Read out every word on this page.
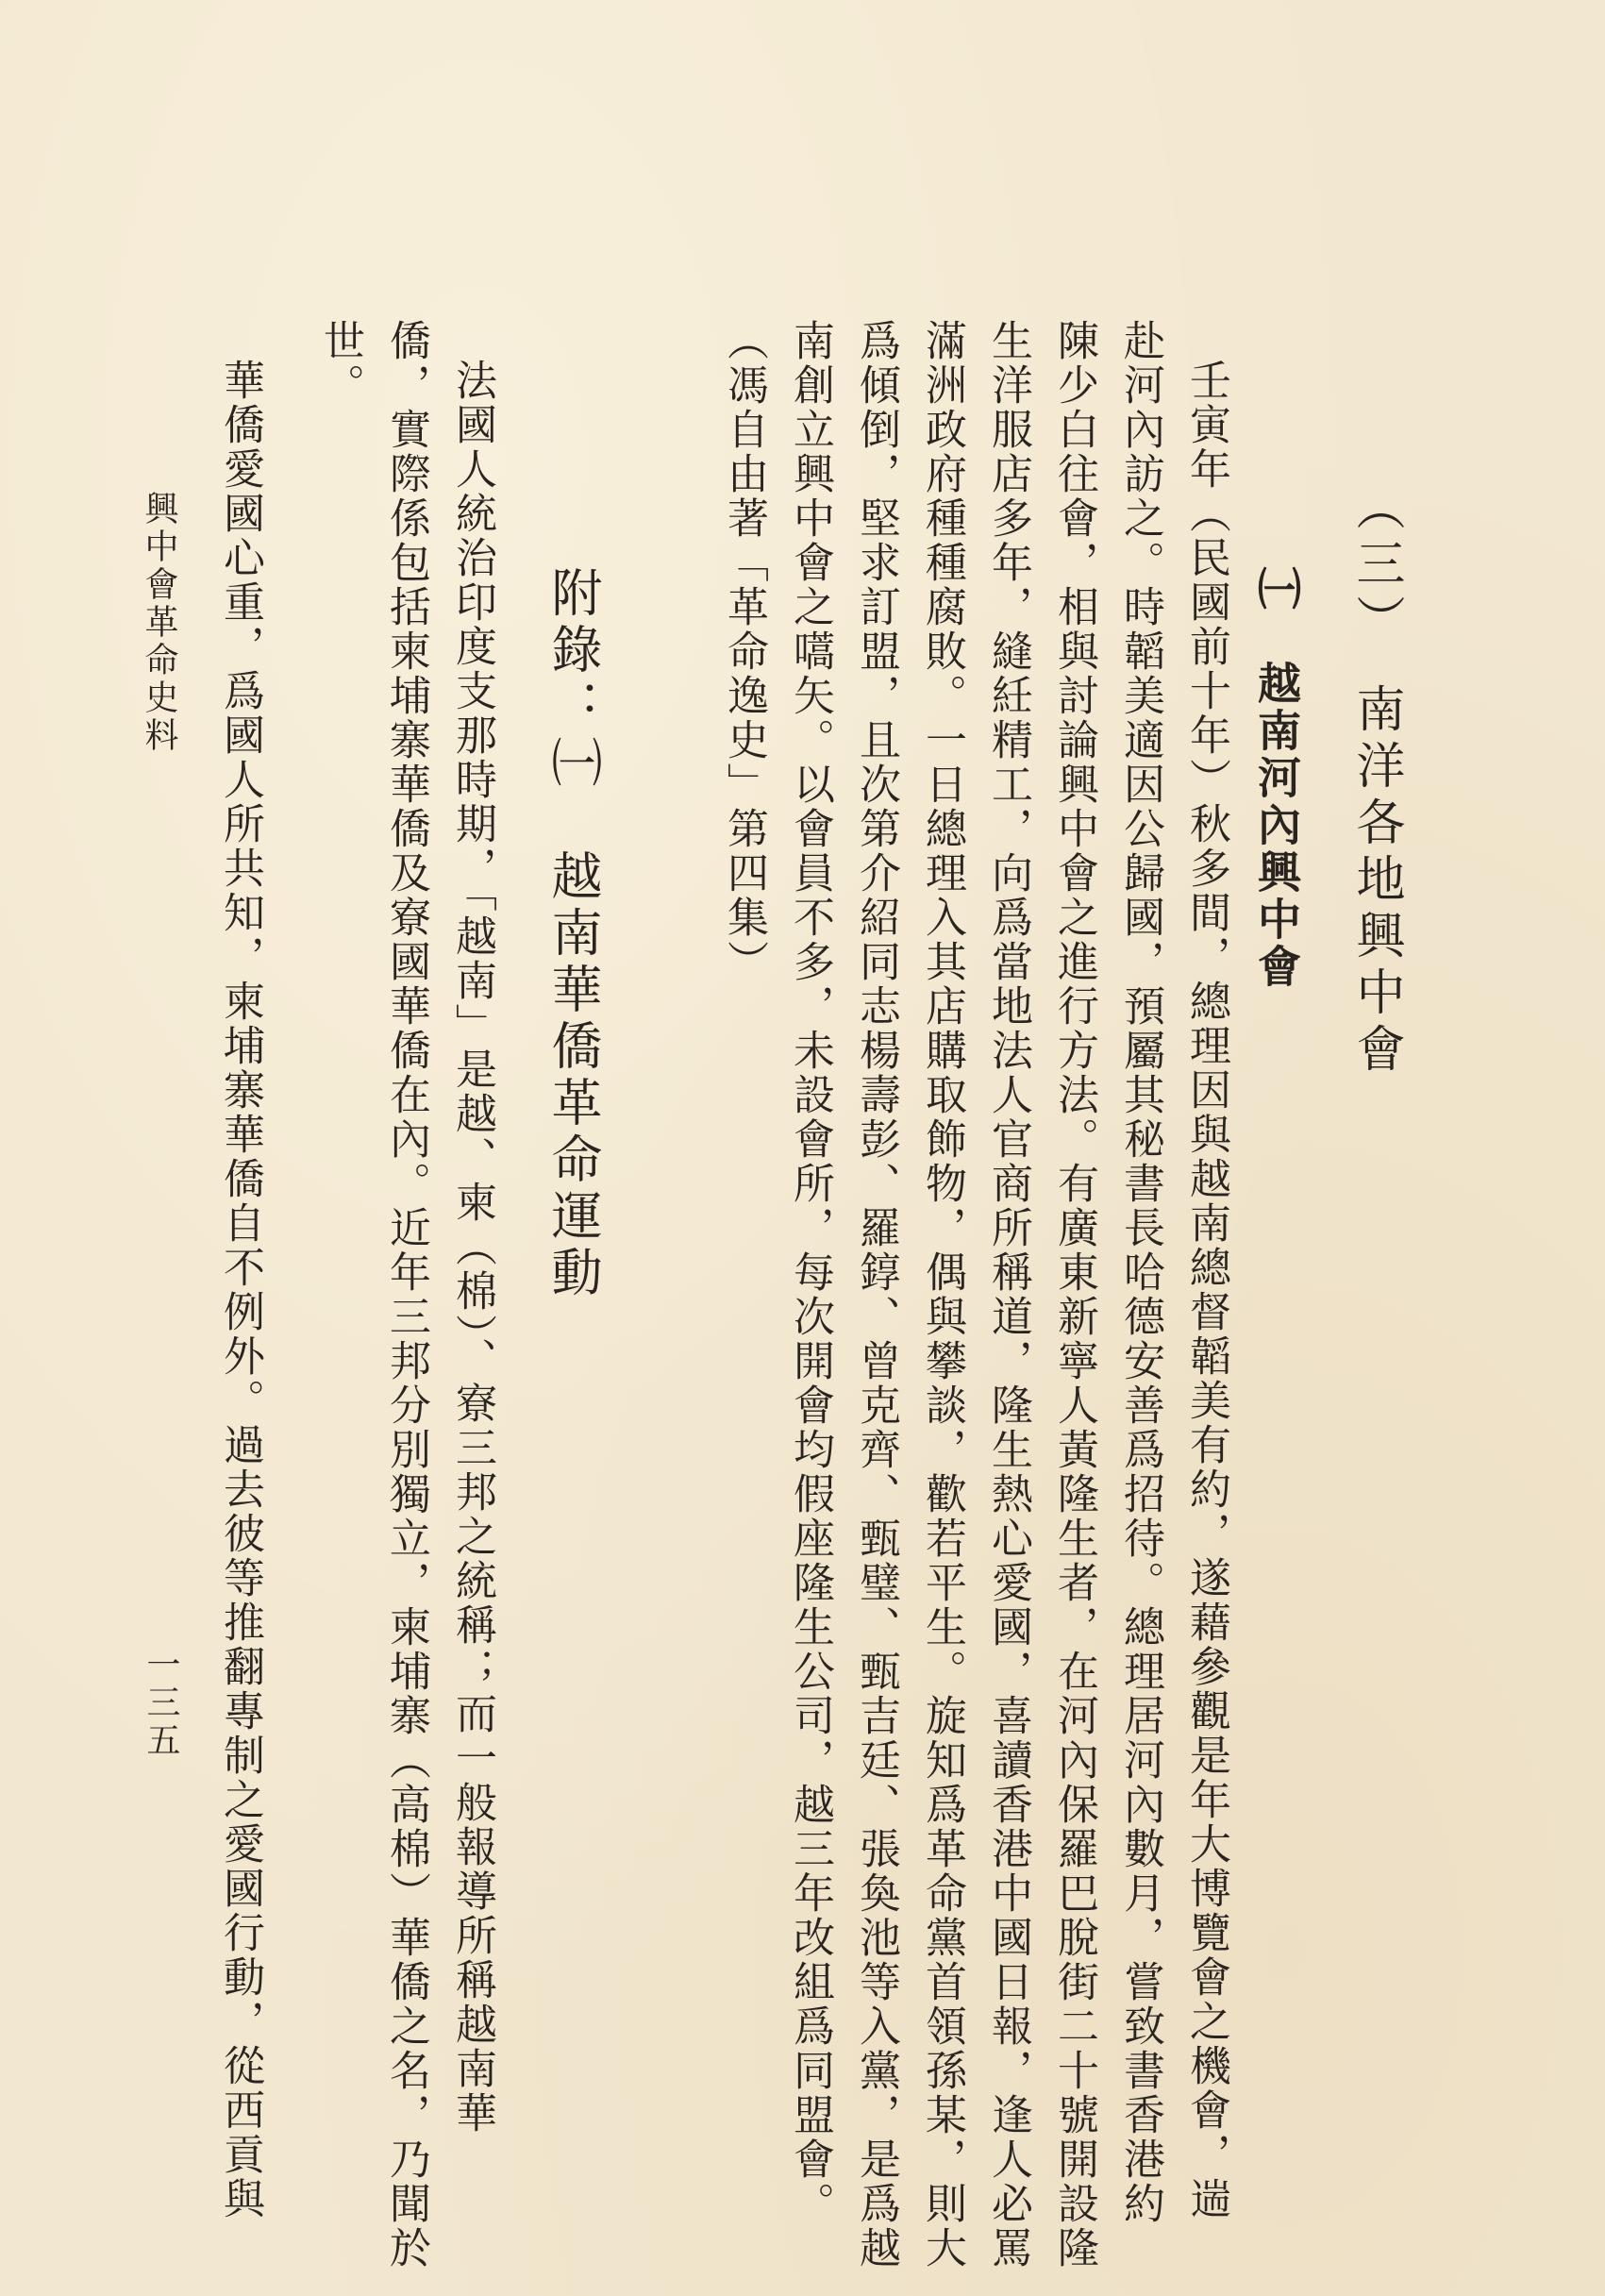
（三）　南洋各地興中會
㈠　越南河內興中會
壬寅年（民國前十年）秋多間，總理因與越南總督韜美有約，遂藉參觀是年大博覽會之機會，遄
赴河內訪之。時韜美適因公歸國，預屬其秘書長哈德安善爲招待。總理居河內數月，嘗致書香港約
陳少白往會，相與討論興中會之進行方法。有廣東新寧人黃隆生者，在河內保羅巴脫街二十號開設隆
生洋服店多年，縫紝精工，向爲當地法人官商所稱道，隆生熱心愛國，喜讀香港中國日報，逢人必罵
滿洲政府種種腐敗。一日總理入其店購取飾物，偶與攀談，歡若平生。旋知爲革命黨首領孫某，則大
爲傾倒，堅求訂盟，且次第介紹同志楊壽彭、羅錞、曾克齊、甄璧、甄吉廷、張奐池等入黨，是爲越
南創立興中會之嚆矢。以會員不多，未設會所，每次開會均假座隆生公司，越三年改組爲同盟會。
（馮自由著「革命逸史」第四集）
附錄：㈠　越南華僑革命運動
法國人統治印度支那時期，「越南」是越、柬（棉）、寮三邦之統稱；而一般報導所稱越南華
僑，實際係包括柬埔寨華僑及寮國華僑在內。近年三邦分別獨立，柬埔寨（高棉）華僑之名，乃聞於
世。
華僑愛國心重，爲國人所共知，柬埔寨華僑自不例外。過去彼等推翻專制之愛國行動，從西貢與
興中會革命史料
一三五
